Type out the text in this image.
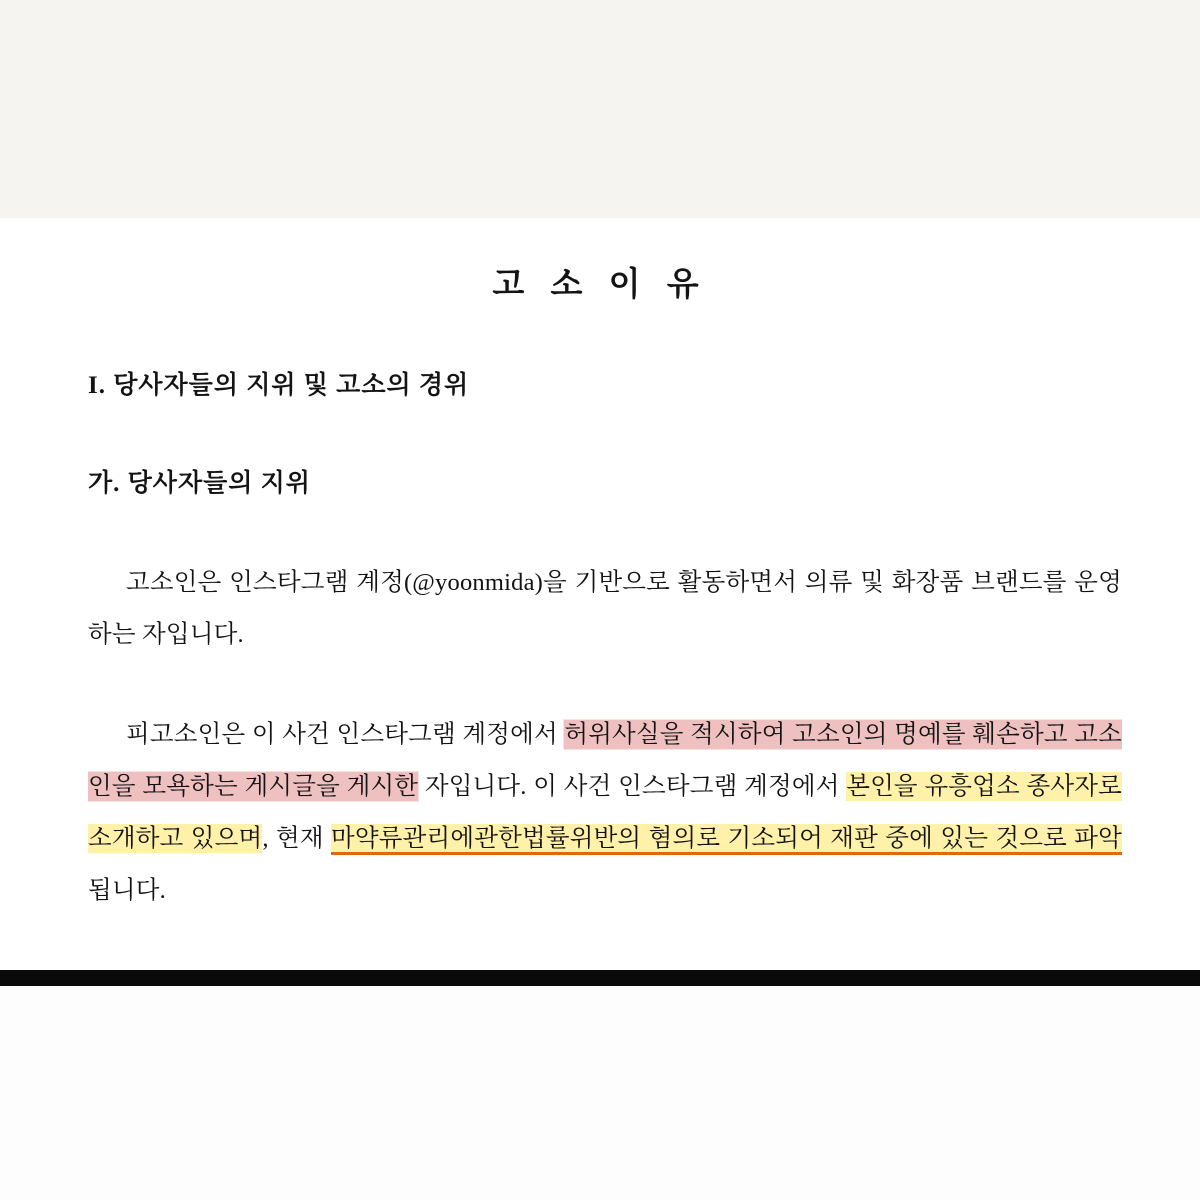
고 소 이 유
I. 당사자들의 지위 및 고소의 경위
가. 당사자들의 지위

고소인은 인스타그램 계정(@yoonmida)을 기반으로 활동하면서 의류 및 화장품 브랜드를 운영하는 자입니다.

피고소인은 이 사건 인스타그램 계정에서 허위사실을 적시하여 고소인의 명예를 훼손하고 고소인을 모욕하는 게시글을 게시한 자입니다. 이 사건 인스타그램 계정에서 본인을 유흥업소 종사자로 소개하고 있으며, 현재 마약류관리에관한법률위반의 혐의로 기소되어 재판 중에 있는 것으로 파악됩니다.
